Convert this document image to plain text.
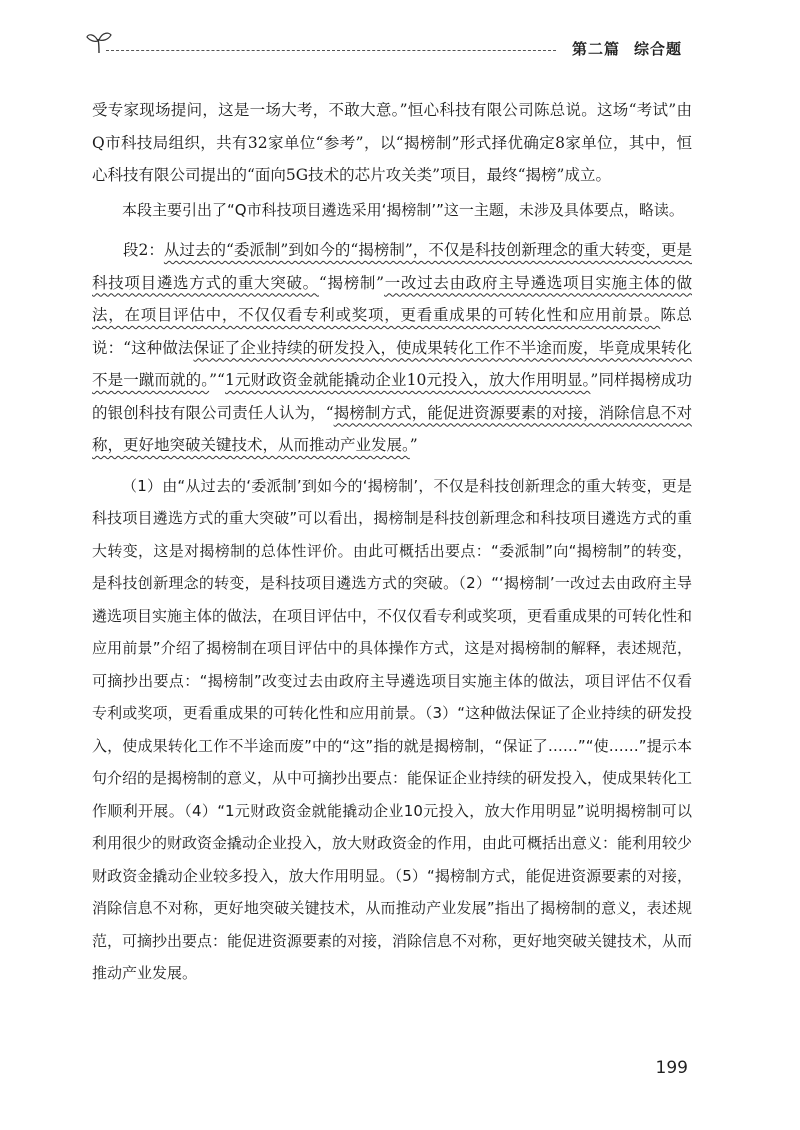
第二篇 综合题

受专家现场提问，这是一场大考，不敢大意。”恒心科技有限公司陈总说。这场“考试”由Q市科技局组织，共有32家单位“参考”，以“揭榜制”形式择优确定8家单位，其中，恒心科技有限公司提出的“面向5G技术的芯片攻关类”项目，最终“揭榜”成立。

本段主要引出了“Q市科技项目遴选采用‘揭榜制’”这一主题，未涉及具体要点，略读。

段2：从过去的“委派制”到如今的“揭榜制”，不仅是科技创新理念的重大转变，更是科技项目遴选方式的重大突破。“揭榜制”一改过去由政府主导遴选项目实施主体的做法，在项目评估中，不仅仅看专利或奖项，更看重成果的可转化性和应用前景。陈总说：“这种做法保证了企业持续的研发投入，使成果转化工作不半途而废，毕竟成果转化不是一蹴而就的。”“1元财政资金就能撬动企业10元投入，放大作用明显。”同样揭榜成功的银创科技有限公司责任人认为，“揭榜制方式，能促进资源要素的对接，消除信息不对称，更好地突破关键技术，从而推动产业发展。”

（1）由“从过去的‘委派制’到如今的‘揭榜制’，不仅是科技创新理念的重大转变，更是科技项目遴选方式的重大突破”可以看出，揭榜制是科技创新理念和科技项目遴选方式的重大转变，这是对揭榜制的总体性评价。由此可概括出要点：“委派制”向“揭榜制”的转变，是科技创新理念的转变，是科技项目遴选方式的突破。（2）“‘揭榜制’一改过去由政府主导遴选项目实施主体的做法，在项目评估中，不仅仅看专利或奖项，更看重成果的可转化性和应用前景”介绍了揭榜制在项目评估中的具体操作方式，这是对揭榜制的解释，表述规范，可摘抄出要点：“揭榜制”改变过去由政府主导遴选项目实施主体的做法，项目评估不仅看专利或奖项，更看重成果的可转化性和应用前景。（3）“这种做法保证了企业持续的研发投入，使成果转化工作不半途而废”中的“这”指的就是揭榜制，“保证了……”“使……”提示本句介绍的是揭榜制的意义，从中可摘抄出要点：能保证企业持续的研发投入，使成果转化工作顺利开展。（4）“1元财政资金就能撬动企业10元投入，放大作用明显”说明揭榜制可以利用很少的财政资金撬动企业投入，放大财政资金的作用，由此可概括出意义：能利用较少财政资金撬动企业较多投入，放大作用明显。（5）“揭榜制方式，能促进资源要素的对接，消除信息不对称，更好地突破关键技术，从而推动产业发展”指出了揭榜制的意义，表述规范，可摘抄出要点：能促进资源要素的对接，消除信息不对称，更好地突破关键技术，从而推动产业发展。

199
